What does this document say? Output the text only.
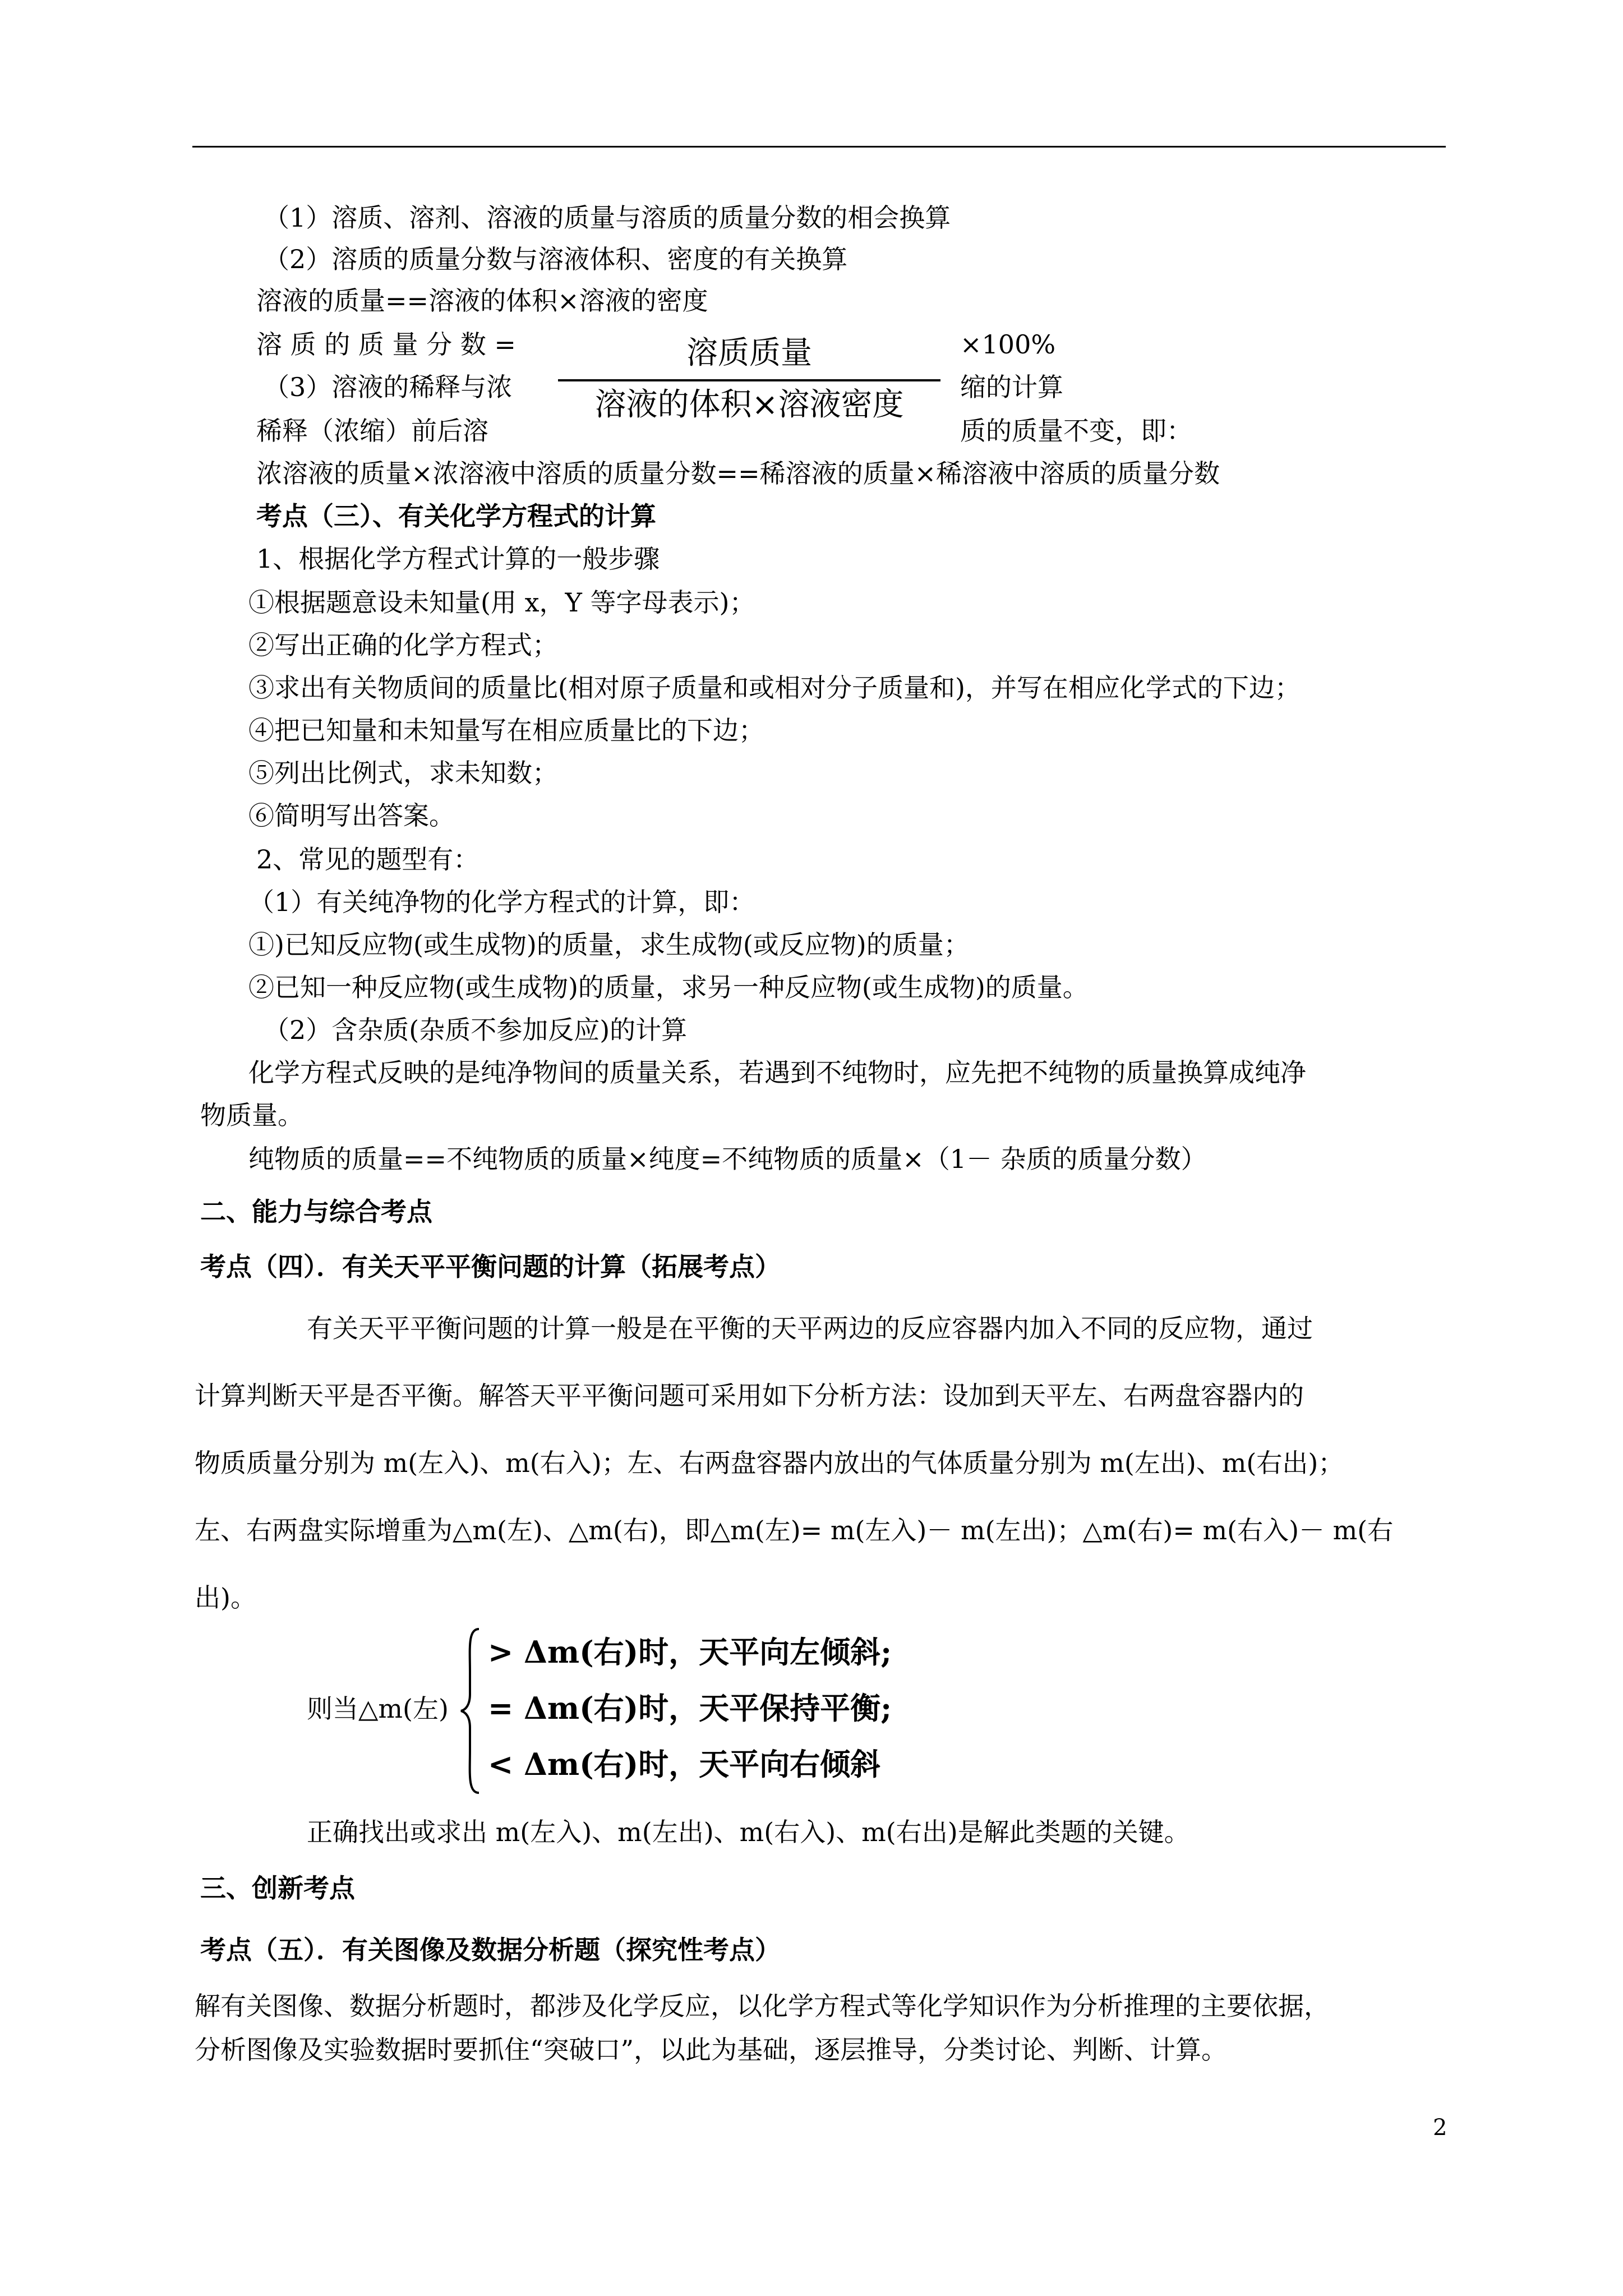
（1）溶质、溶剂、溶液的质量与溶质的质量分数的相会换算
（2）溶质的质量分数与溶液体积、密度的有关换算
溶液的质量==溶液的体积×溶液的密度
溶 质 的 质 量 分 数 =	×100%
（3）溶液的稀释与浓	缩的计算
稀释（浓缩）前后溶	质的质量不变，即：
溶质质量
溶液的体积×溶液密度
浓溶液的质量×浓溶液中溶质的质量分数==稀溶液的质量×稀溶液中溶质的质量分数
考点（三）、有关化学方程式的计算
1、根据化学方程式计算的一般步骤
①根据题意设未知量(用 x，Y 等字母表示)；
②写出正确的化学方程式；
③求出有关物质间的质量比(相对原子质量和或相对分子质量和)，并写在相应化学式的下边；
④把已知量和未知量写在相应质量比的下边；
⑤列出比例式，求未知数；
⑥简明写出答案。
2、常见的题型有：
（1）有关纯净物的化学方程式的计算，即：
①)已知反应物(或生成物)的质量，求生成物(或反应物)的质量；
②已知一种反应物(或生成物)的质量，求另一种反应物(或生成物)的质量。
（2）含杂质(杂质不参加反应)的计算
化学方程式反映的是纯净物间的质量关系，若遇到不纯物时，应先把不纯物的质量换算成纯净
物质量。
纯物质的质量==不纯物质的质量×纯度=不纯物质的质量×（1－ 杂质的质量分数）
二、能力与综合考点
考点（四）．有关天平平衡问题的计算（拓展考点）
有关天平平衡问题的计算一般是在平衡的天平两边的反应容器内加入不同的反应物，通过
计算判断天平是否平衡。解答天平平衡问题可采用如下分析方法：设加到天平左、右两盘容器内的
物质质量分别为 m(左入)、m(右入)；左、右两盘容器内放出的气体质量分别为 m(左出)、m(右出)；
左、右两盘实际增重为△m(左)、△m(右)，即△m(左)= m(左入)－ m(左出)；△m(右)= m(右入)－ m(右
出)。
则当△m(左)
> Δm(右)时，天平向左倾斜;
= Δm(右)时，天平保持平衡;
< Δm(右)时，天平向右倾斜
正确找出或求出 m(左入)、m(左出)、m(右入)、m(右出)是解此类题的关键。
三、创新考点
考点（五）．有关图像及数据分析题（探究性考点）
解有关图像、数据分析题时，都涉及化学反应，以化学方程式等化学知识作为分析推理的主要依据，
分析图像及实验数据时要抓住“突破口”，以此为基础，逐层推导，分类讨论、判断、计算。
2
